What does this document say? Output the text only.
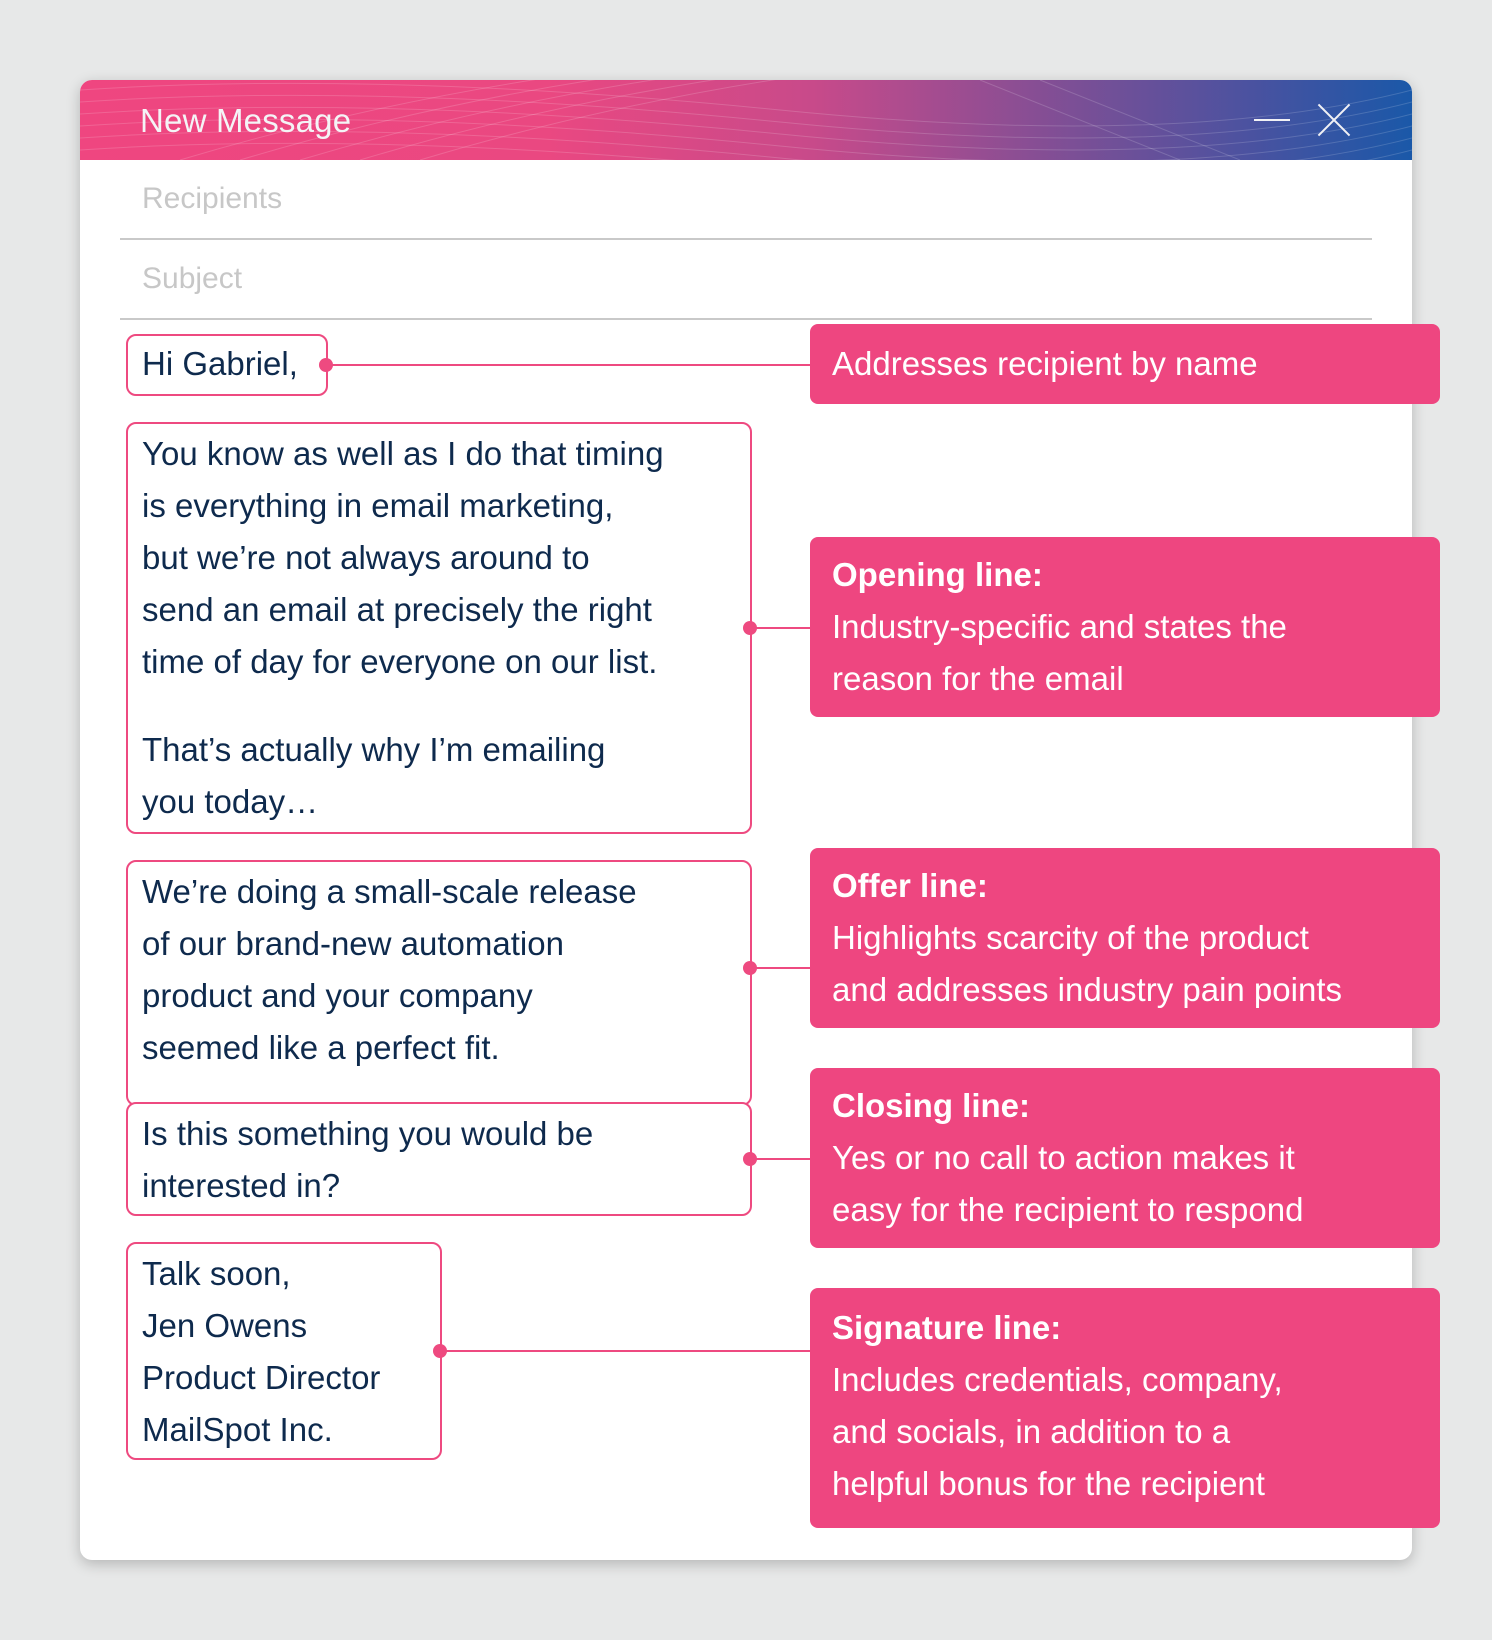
New Message
Recipients
Subject

Hi Gabriel,

You know as well as I do that timing

is everything in email marketing,

but we’re not always around to

send an email at precisely the right

time of day for everyone on our list.

That’s actually why I’m emailing

you today…

We’re doing a small-scale release

of our brand-new automation

product and your company

seemed like a perfect fit.

Is this something you would be

interested in?

Talk soon,

Jen Owens

Product Director

MailSpot Inc.

Addresses recipient by name

Opening line:

Industry-specific and states the

reason for the email

Offer line:

Highlights scarcity of the product

and addresses industry pain points

Closing line:

Yes or no call to action makes it

easy for the recipient to respond

Signature line:

Includes credentials, company,

and socials, in addition to a

helpful bonus for the recipient
